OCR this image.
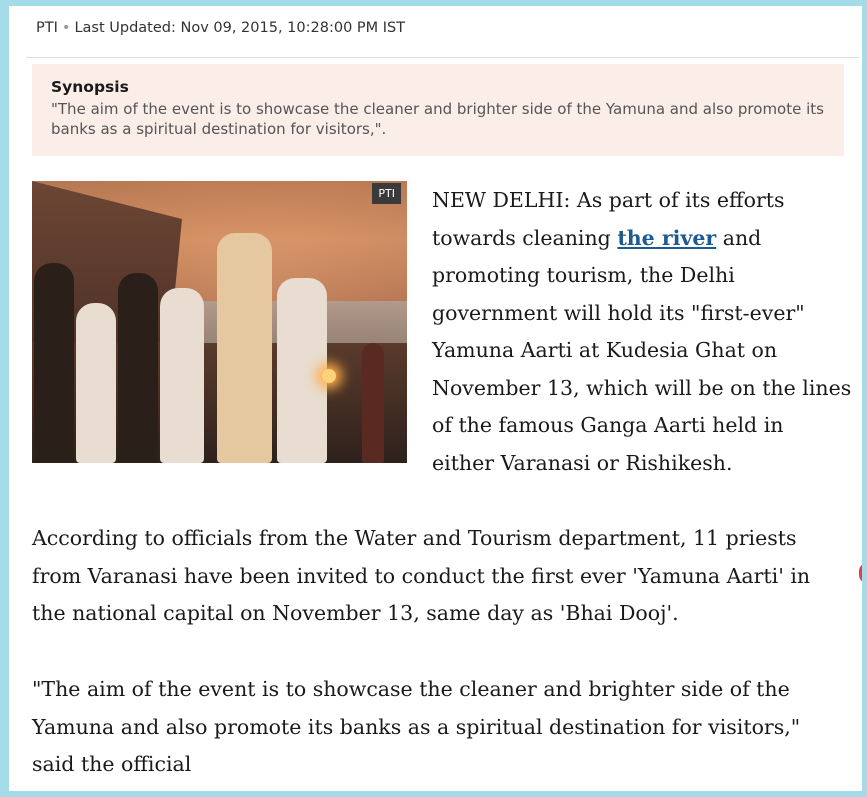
PTI • Last Updated: Nov 09, 2015, 10:28:00 PM IST
Synopsis

"The aim of the event is to showcase the cleaner and brighter side of the Yamuna and also promote its banks as a spiritual destination for visitors,".

PTI NEW DELHI: As part of its efforts towards cleaning the river and promoting tourism, the Delhi government will hold its "first-ever" Yamuna Aarti at Kudesia Ghat on November 13, which will be on the lines of the famous Ganga Aarti held in either Varanasi or Rishikesh.

According to officials from the Water and Tourism department, 11 priests from Varanasi have been invited to conduct the first ever 'Yamuna Aarti' in the national capital on November 13, same day as 'Bhai Dooj'.

"The aim of the event is to showcase the cleaner and brighter side of the Yamuna and also promote its banks as a spiritual destination for visitors," said the official
